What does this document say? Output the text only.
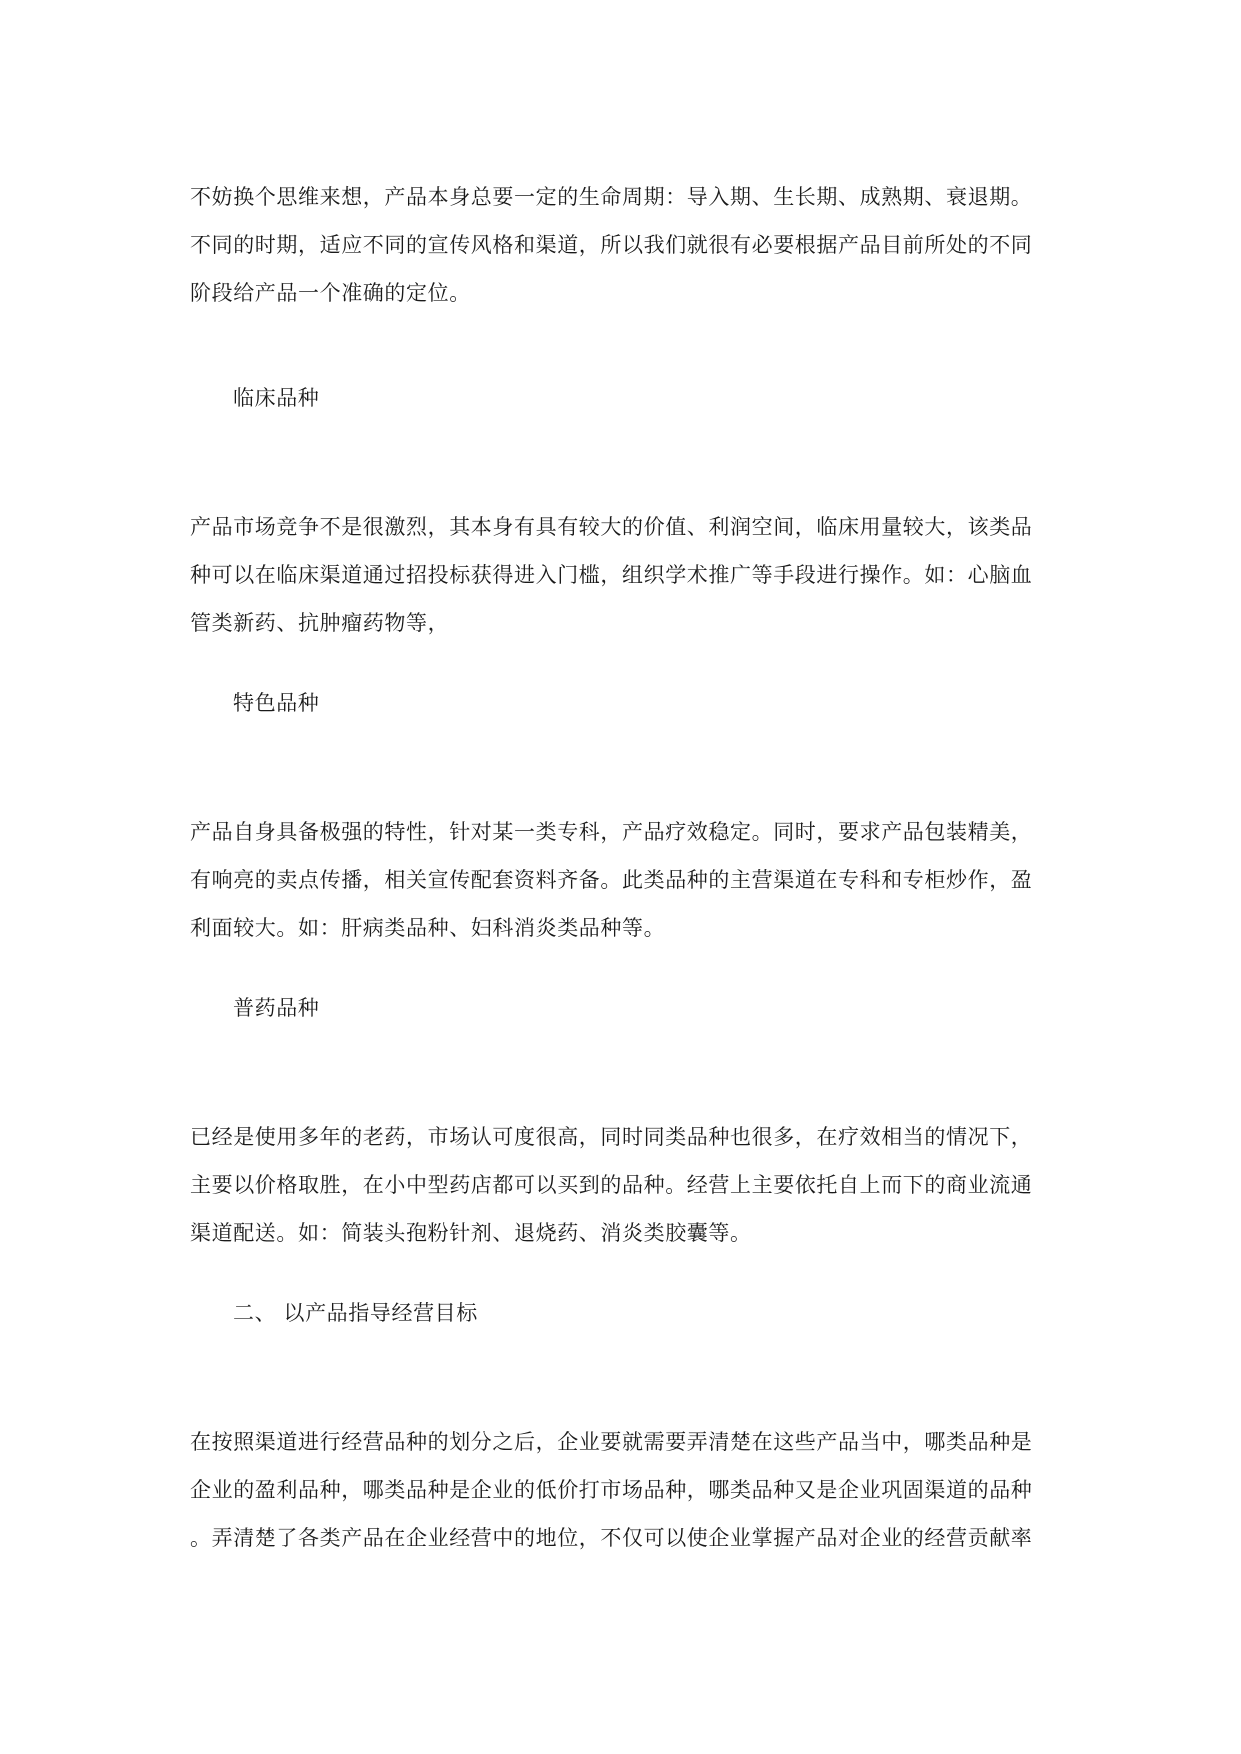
不妨换个思维来想，产品本身总要一定的生命周期：导入期、生长期、成熟期、衰退期。
不同的时期，适应不同的宣传风格和渠道，所以我们就很有必要根据产品目前所处的不同
阶段给产品一个准确的定位。
临床品种
产品市场竞争不是很激烈，其本身有具有较大的价值、利润空间，临床用量较大，该类品
种可以在临床渠道通过招投标获得进入门槛，组织学术推广等手段进行操作。如：心脑血
管类新药、抗肿瘤药物等，
特色品种
产品自身具备极强的特性，针对某一类专科，产品疗效稳定。同时，要求产品包装精美，
有响亮的卖点传播，相关宣传配套资料齐备。此类品种的主营渠道在专科和专柜炒作，盈
利面较大。如：肝病类品种、妇科消炎类品种等。
普药品种
已经是使用多年的老药，市场认可度很高，同时同类品种也很多，在疗效相当的情况下，
主要以价格取胜，在小中型药店都可以买到的品种。经营上主要依托自上而下的商业流通
渠道配送。如：简装头孢粉针剂、退烧药、消炎类胶囊等。
二、 以产品指导经营目标
在按照渠道进行经营品种的划分之后，企业要就需要弄清楚在这些产品当中，哪类品种是
企业的盈利品种，哪类品种是企业的低价打市场品种，哪类品种又是企业巩固渠道的品种
。弄清楚了各类产品在企业经营中的地位，不仅可以使企业掌握产品对企业的经营贡献率
